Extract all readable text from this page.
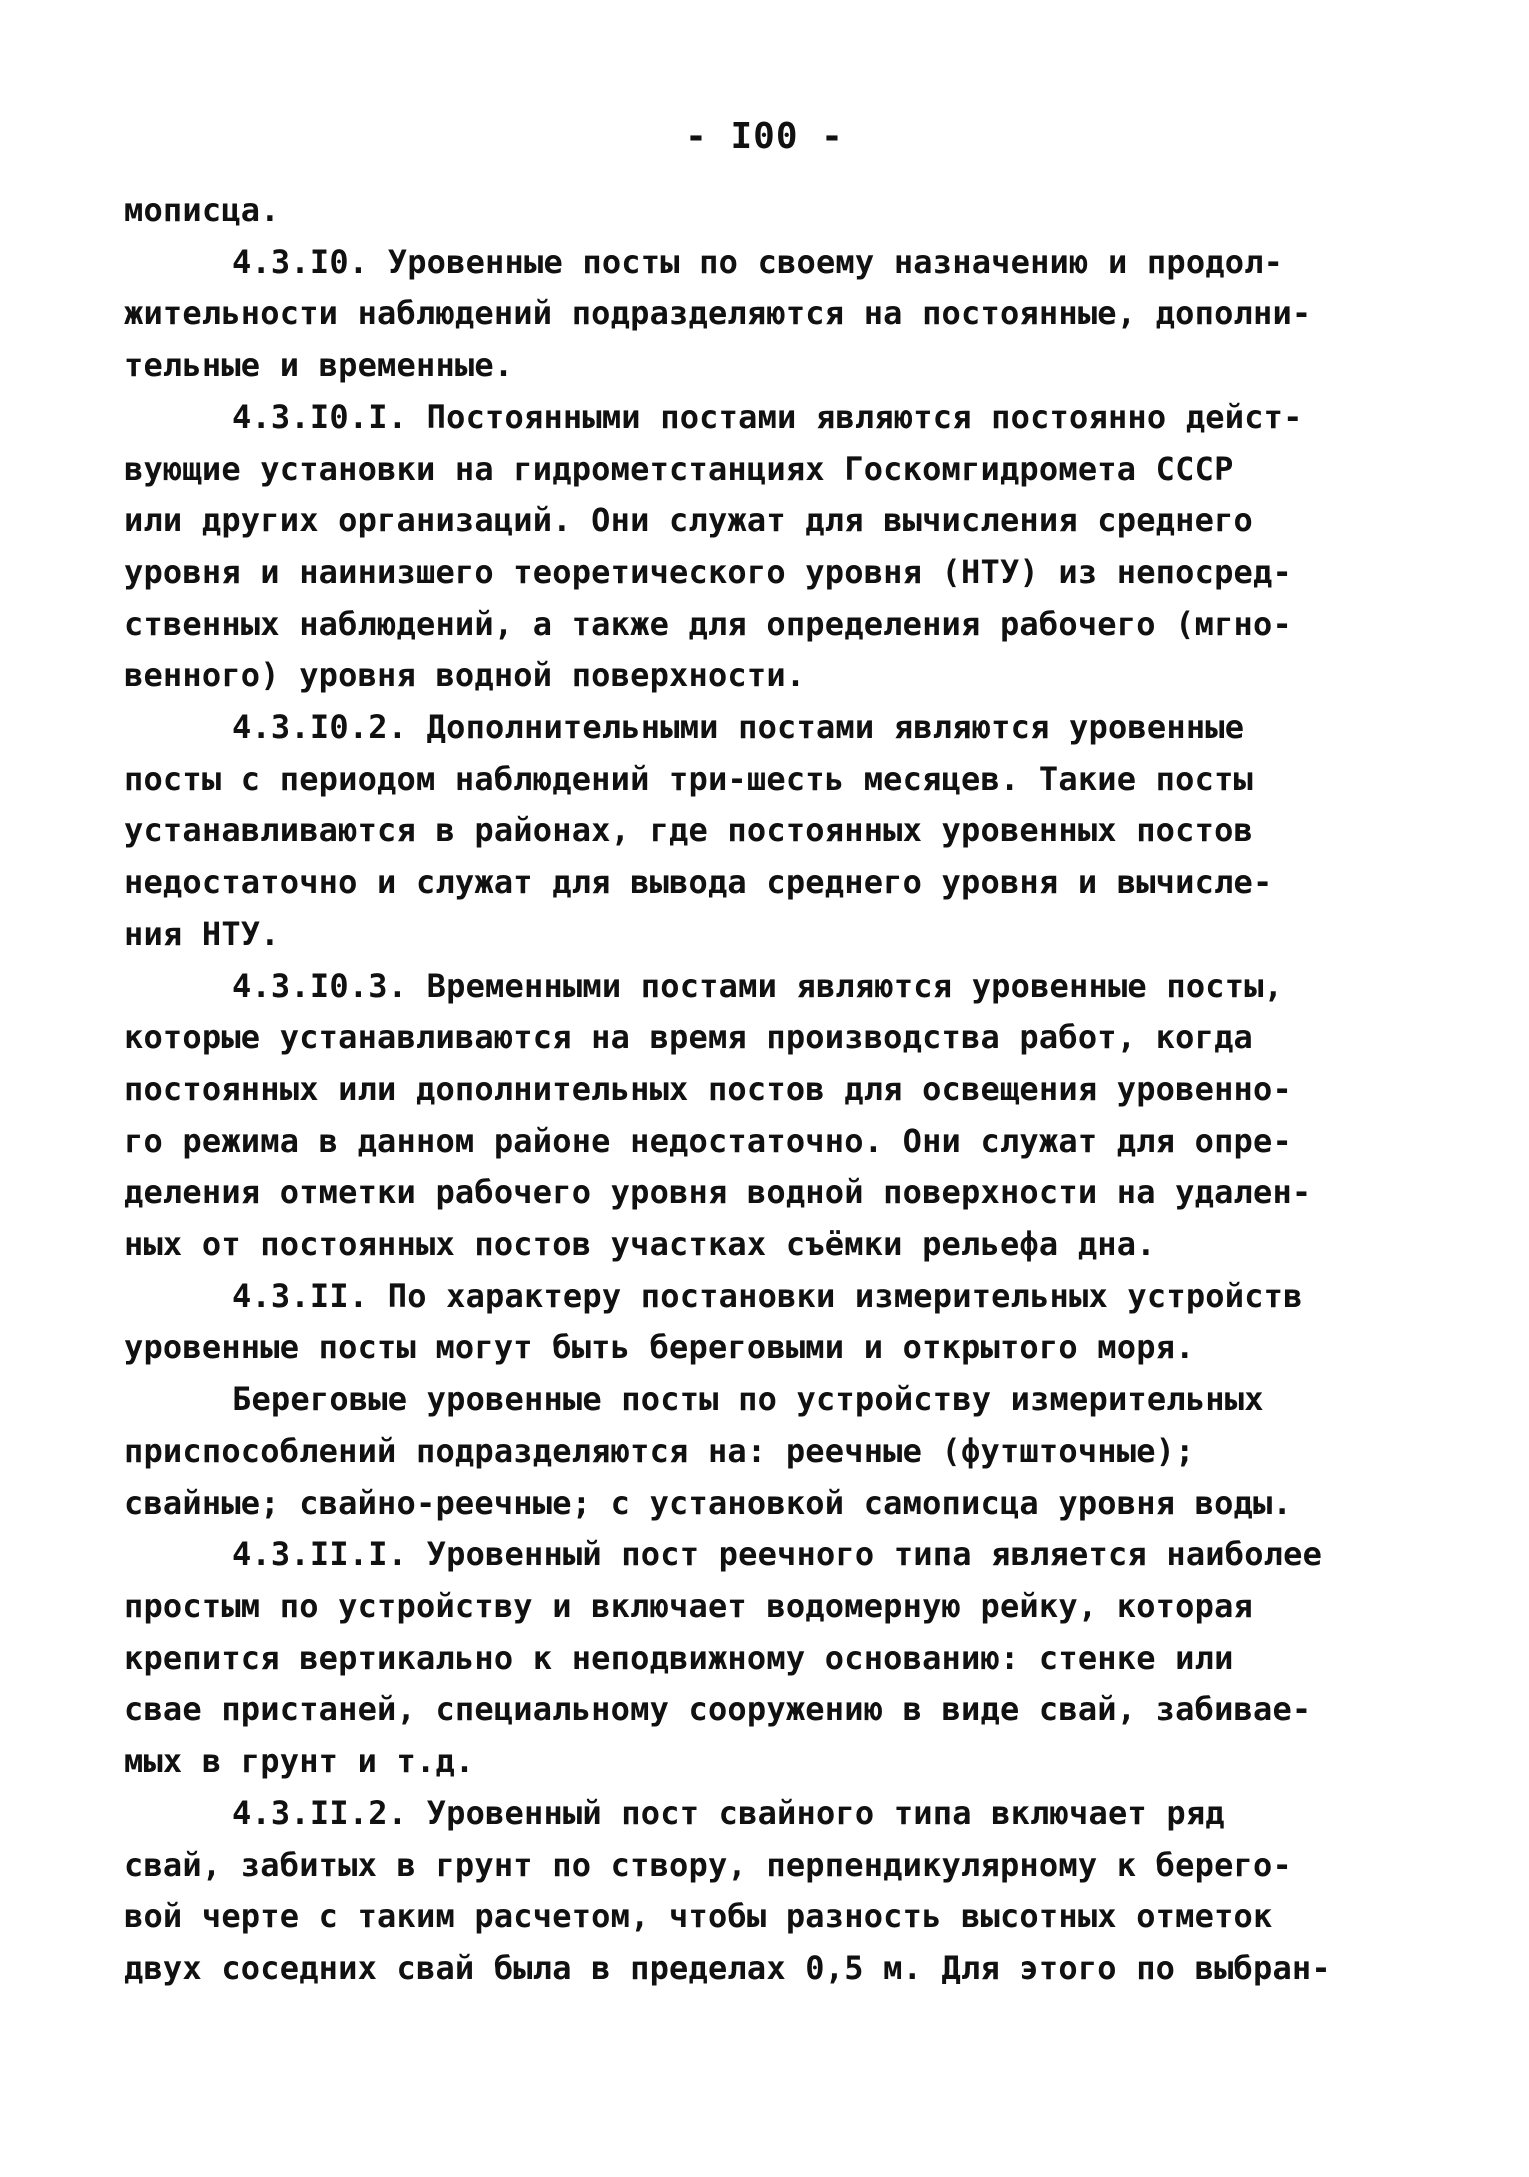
- I00 -
мописца.
4.3.I0. Уровенные посты по своему назначению и продол-
жительности наблюдений подразделяются на постоянные, дополни-
тельные и временные.
4.3.I0.I. Постоянными постами являются постоянно дейст-
вующие установки на гидрометстанциях Госкомгидромета СССР
или других организаций. Они служат для вычисления среднего
уровня и наинизшего теоретического уровня (НТУ) из непосред-
ственных наблюдений, а также для определения рабочего (мгно-
венного) уровня водной поверхности.
4.3.I0.2. Дополнительными постами являются уровенные
посты с периодом наблюдений три-шесть месяцев. Такие посты
устанавливаются в районах, где постоянных уровенных постов
недостаточно и служат для вывода среднего уровня и вычисле-
ния НТУ.
4.3.I0.3. Временными постами являются уровенные посты,
которые устанавливаются на время производства работ, когда
постоянных или дополнительных постов для освещения уровенно-
го режима в данном районе недостаточно. Они служат для опре-
деления отметки рабочего уровня водной поверхности на удален-
ных от постоянных постов участках съёмки рельефа дна.
4.3.II. По характеру постановки измерительных устройств
уровенные посты могут быть береговыми и открытого моря.
Береговые уровенные посты по устройству измерительных
приспособлений подразделяются на: реечные (футшточные);
свайные; свайно-реечные; с установкой самописца уровня воды.
4.3.II.I. Уровенный пост реечного типа является наиболее
простым по устройству и включает водомерную рейку, которая
крепится вертикально к неподвижному основанию: стенке или
свае пристаней, специальному сооружению в виде свай, забивае-
мых в грунт и т.д.
4.3.II.2. Уровенный пост свайного типа включает ряд
свай, забитых в грунт по створу, перпендикулярному к берего-
вой черте с таким расчетом, чтобы разность высотных отметок
двух соседних свай была в пределах 0,5 м. Для этого по выбран-
